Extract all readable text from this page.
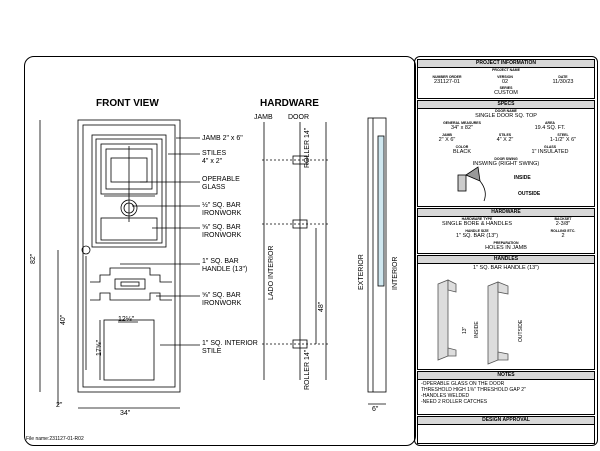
FRONT VIEW	HARDWARE
JAMB DOOR
ROLLER 14"
ROLLER 14"
LADO INTERIOR
48"
EXTERIOR	INTERIOR
6"
82"
40"
2"
34"
12⅛"
17⅝"
File name:231127-01-R02
JAMB 2" x 6"
STILES
4" x 2"
OPERABLE
GLASS
½" SQ. BAR
IRONWORK
⅝" SQ. BAR
IRONWORK
1" SQ. BAR
HANDLE (13")
⅝" SQ. BAR
IRONWORK
1" SQ. INTERIOR
STILE
PROJECT INFORMATION
PROJECT NAME
NUMBER ORDER	VERSION	DATE
231127-01	02	11/30/23
SERIES
CUSTOM
SPECS
DOOR NAME
SINGLE DOOR SQ. TOP
GENERAL MEASURES	AREA
34" x 82"	19.4 SQ. FT.
JAMB	STILES	STEEL
2" X 6"	4" X 2"	1-1/2" X 6"
COLOR	GLASS
BLACK	1" INSULATED
DOOR SWING
INSWING (RIGHT SWING)
INSIDE
OUTSIDE
HARDWARE
HARDWARE TYPE	BACKSET
SINGLE BORE & HANDLES	2-3/8"
HANDLE SIZE	ROLLING ETC.
1" SQ. BAR (13")	2
PREPARATION
HOLES IN JAMB
HANDLES
1" SQ. BAR HANDLE (13")
13" INSIDE	OUTSIDE
NOTES
-OPERABLE GLASS ON THE DOOR
THRESHOLD HIGH 1⅜" THRESHOLD GAP 2"
-HANDLES WELDED
-NEED 2 ROLLER CATCHES
DESIGN APPROVAL
